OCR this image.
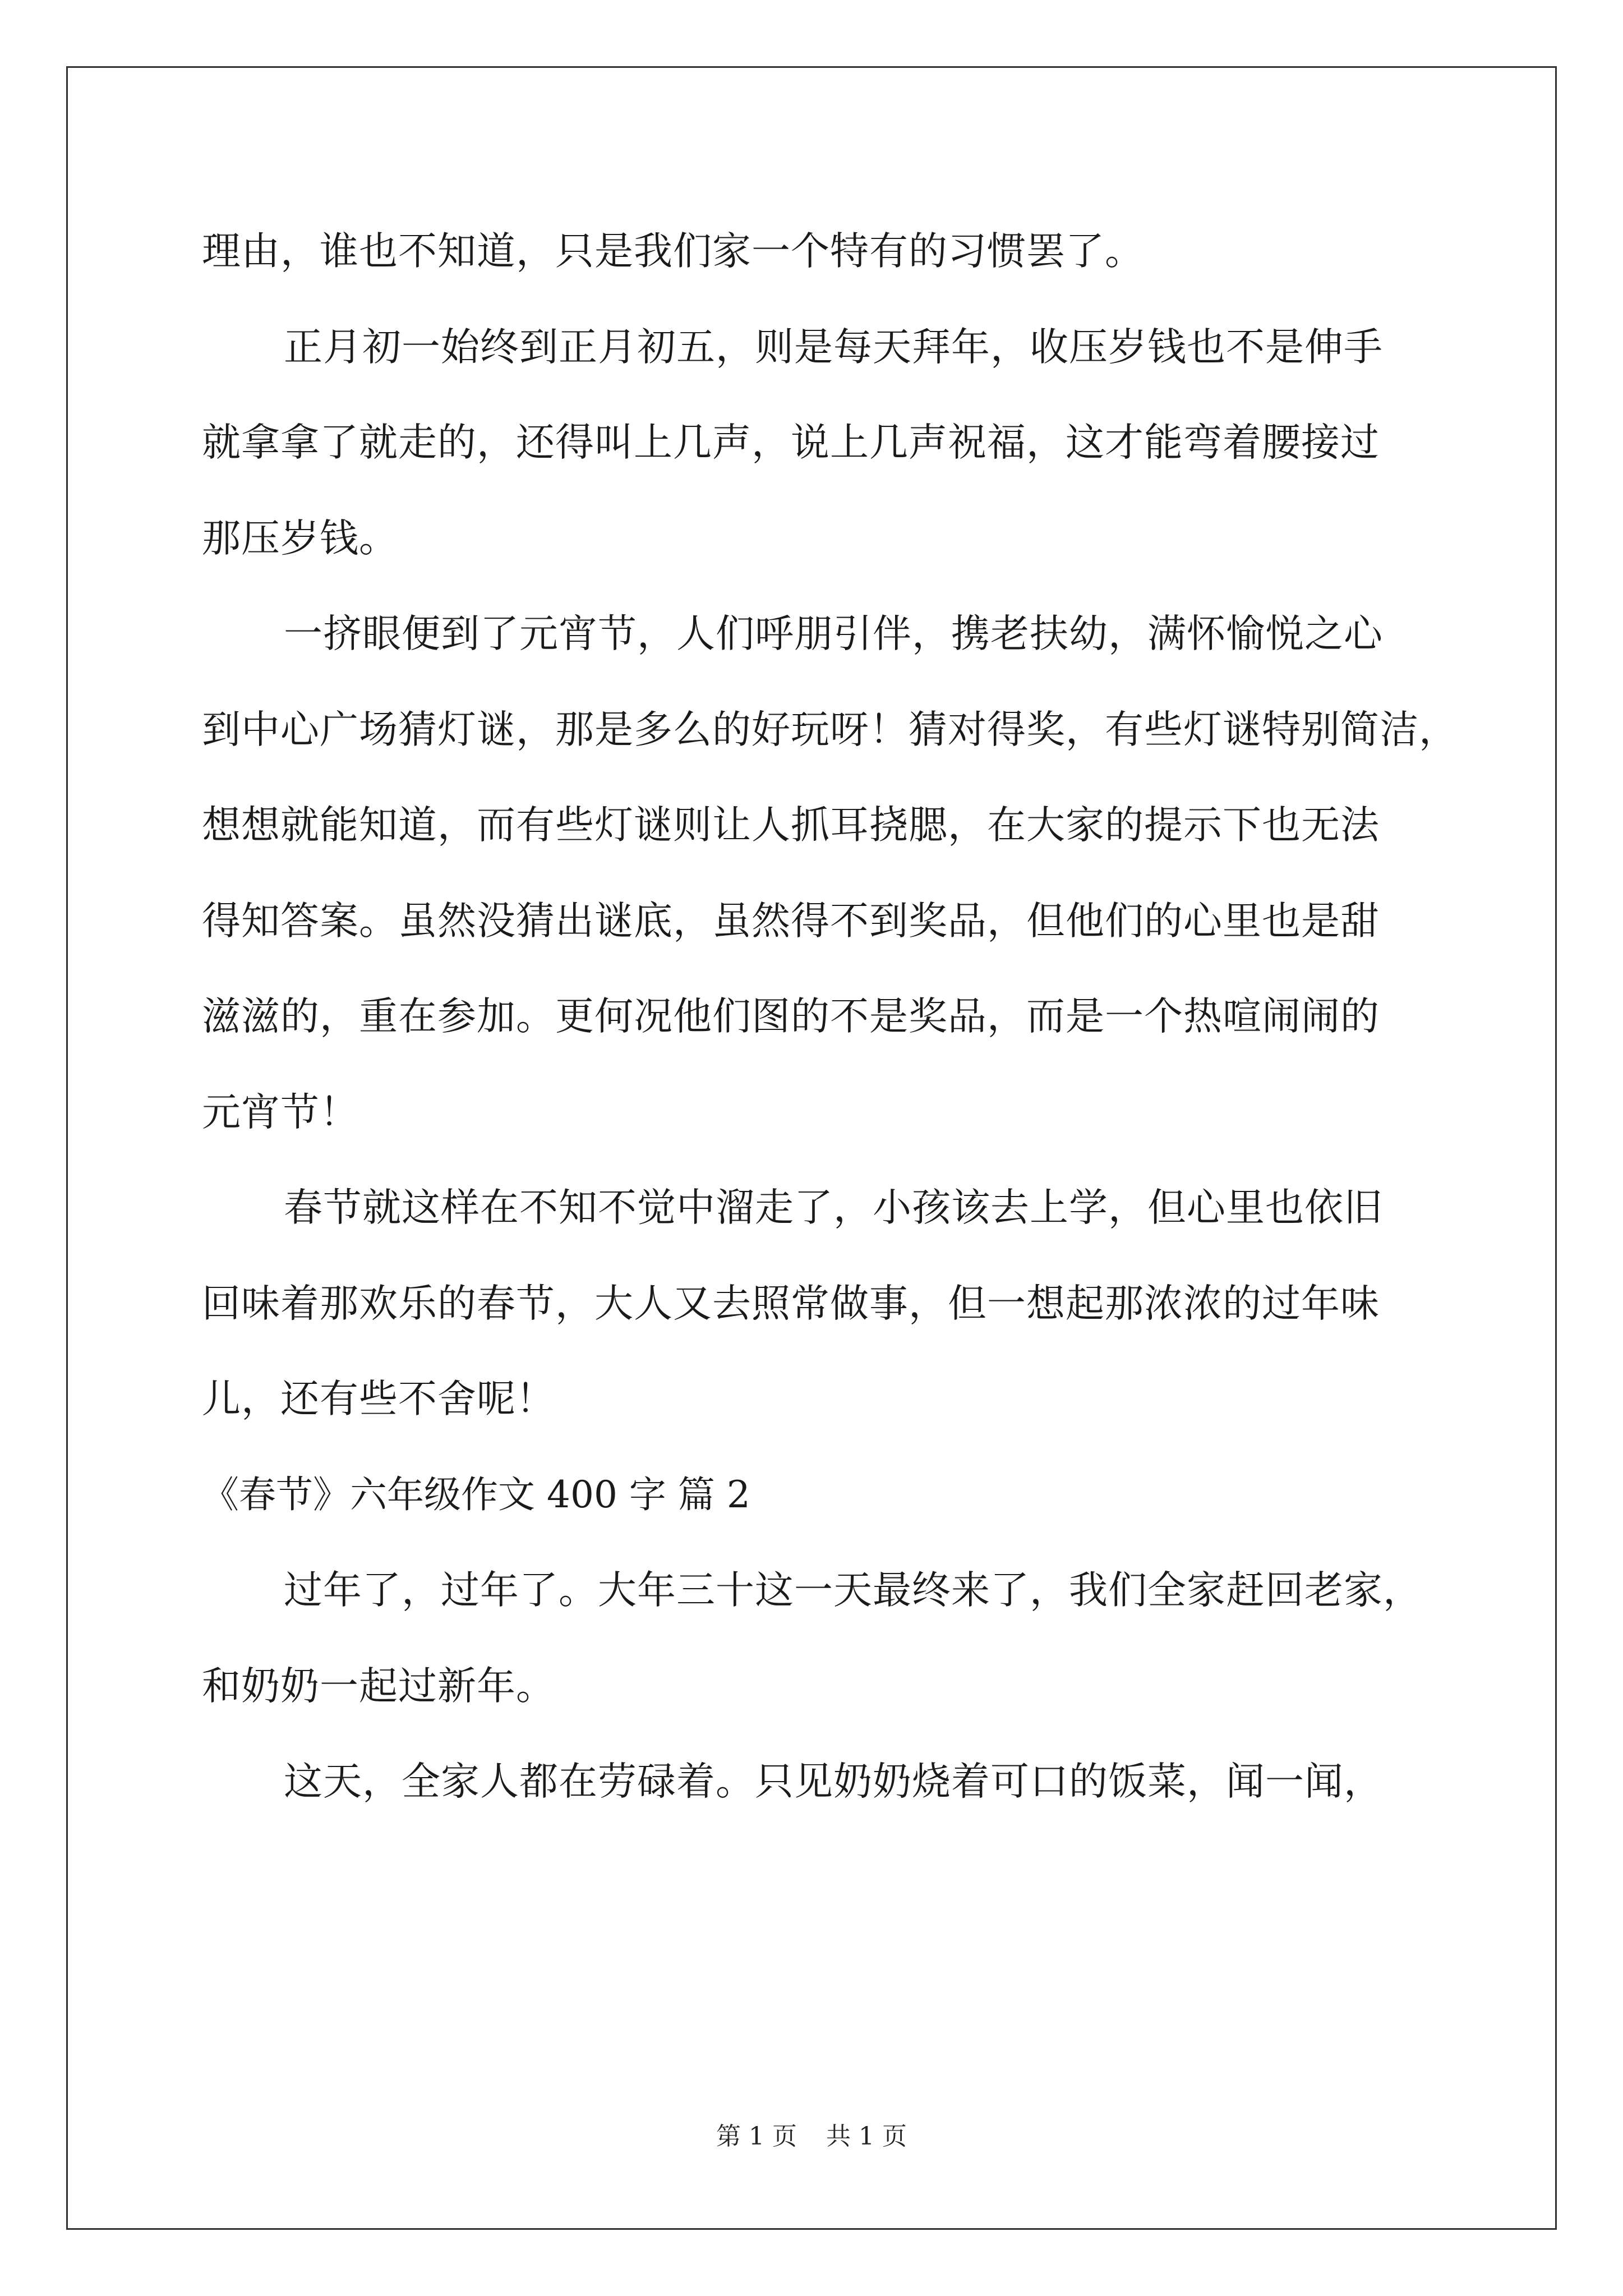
理由，谁也不知道，只是我们家一个特有的习惯罢了。
正月初一始终到正月初五，则是每天拜年，收压岁钱也不是伸手
就拿拿了就走的，还得叫上几声，说上几声祝福，这才能弯着腰接过
那压岁钱。
一挤眼便到了元宵节，人们呼朋引伴，携老扶幼，满怀愉悦之心
到中心广场猜灯谜，那是多么的好玩呀！猜对得奖，有些灯谜特别简洁，
想想就能知道，而有些灯谜则让人抓耳挠腮，在大家的提示下也无法
得知答案。虽然没猜出谜底，虽然得不到奖品，但他们的心里也是甜
滋滋的，重在参加。更何况他们图的不是奖品，而是一个热喧闹闹的
元宵节！
春节就这样在不知不觉中溜走了，小孩该去上学，但心里也依旧
回味着那欢乐的春节，大人又去照常做事，但一想起那浓浓的过年味
儿，还有些不舍呢！
《春节》六年级作文 400 字 篇 2
过年了，过年了。大年三十这一天最终来了，我们全家赶回老家，
和奶奶一起过新年。
这天，全家人都在劳碌着。只见奶奶烧着可口的饭菜，闻一闻，
第 1 页 共 1 页
